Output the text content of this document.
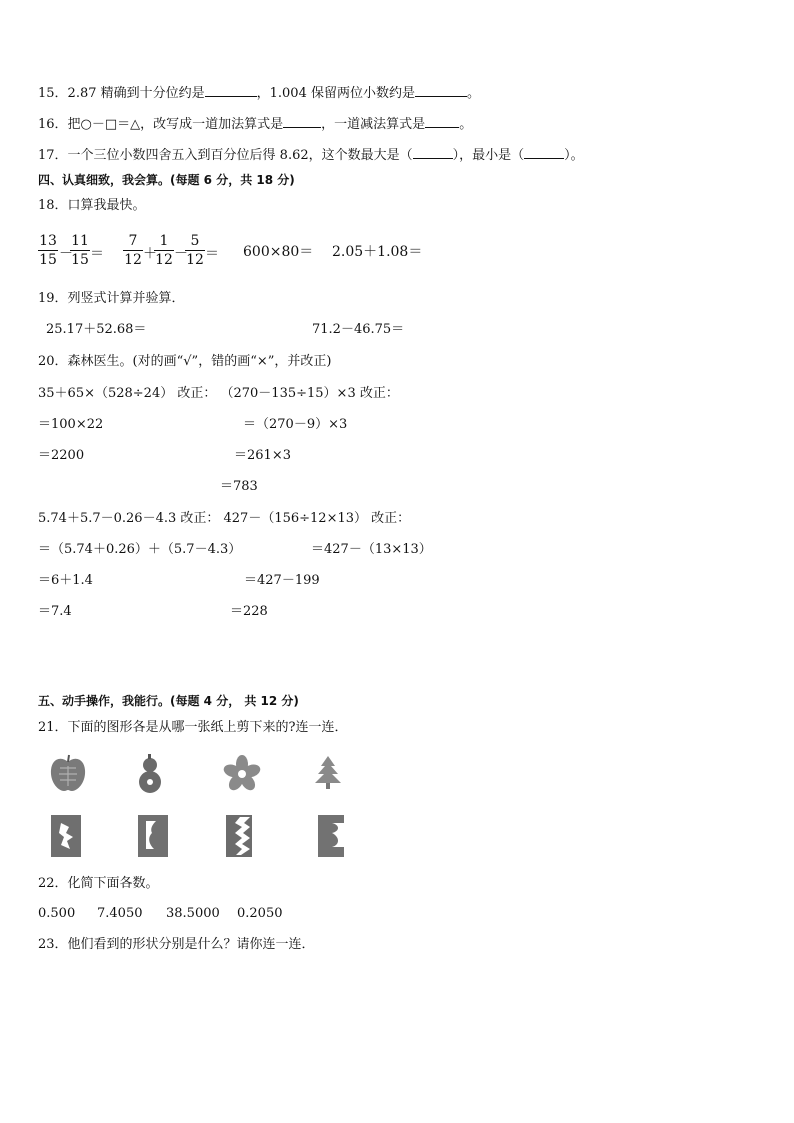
15．2.87 精确到十分位约是	，1.004 保留两位小数约是	。
16．把○－□＝△，改写成一道加法算式是	，一道减法算式是	。
17．一个三位小数四舍五入到百分位后得 8.62，这个数最大是（	），最小是（	）。
四、认真细致，我会算。(每题 6 分，共 18 分)
18．口算我最快。
13
15 －
11
15 ＝
7
12 ＋
1
12 －
5
12 ＝ 600×80＝ 2.05＋1.08＝
19．列竖式计算并验算．
25.17＋52.68＝	71.2－46.75＝
20．森林医生。(对的画“√”，错的画“×”，并改正)
35＋65×（528÷24） 改正： （270－135÷15）×3 改正：
＝100×22	＝（270－9）×3
＝2200	＝261×3
＝783
5.74＋5.7－0.26－4.3 改正： 427－（156÷12×13） 改正：
＝（5.74＋0.26）＋（5.7－4.3）	＝427－（13×13）
＝6＋1.4	＝427－199
＝7.4	＝228
五、动手操作，我能行。(每题 4 分， 共 12 分)
21．下面的图形各是从哪一张纸上剪下来的?连一连．
22．化简下面各数。
0.500 7.4050 38.5000 0.2050
23．他们看到的形状分别是什么？请你连一连．
